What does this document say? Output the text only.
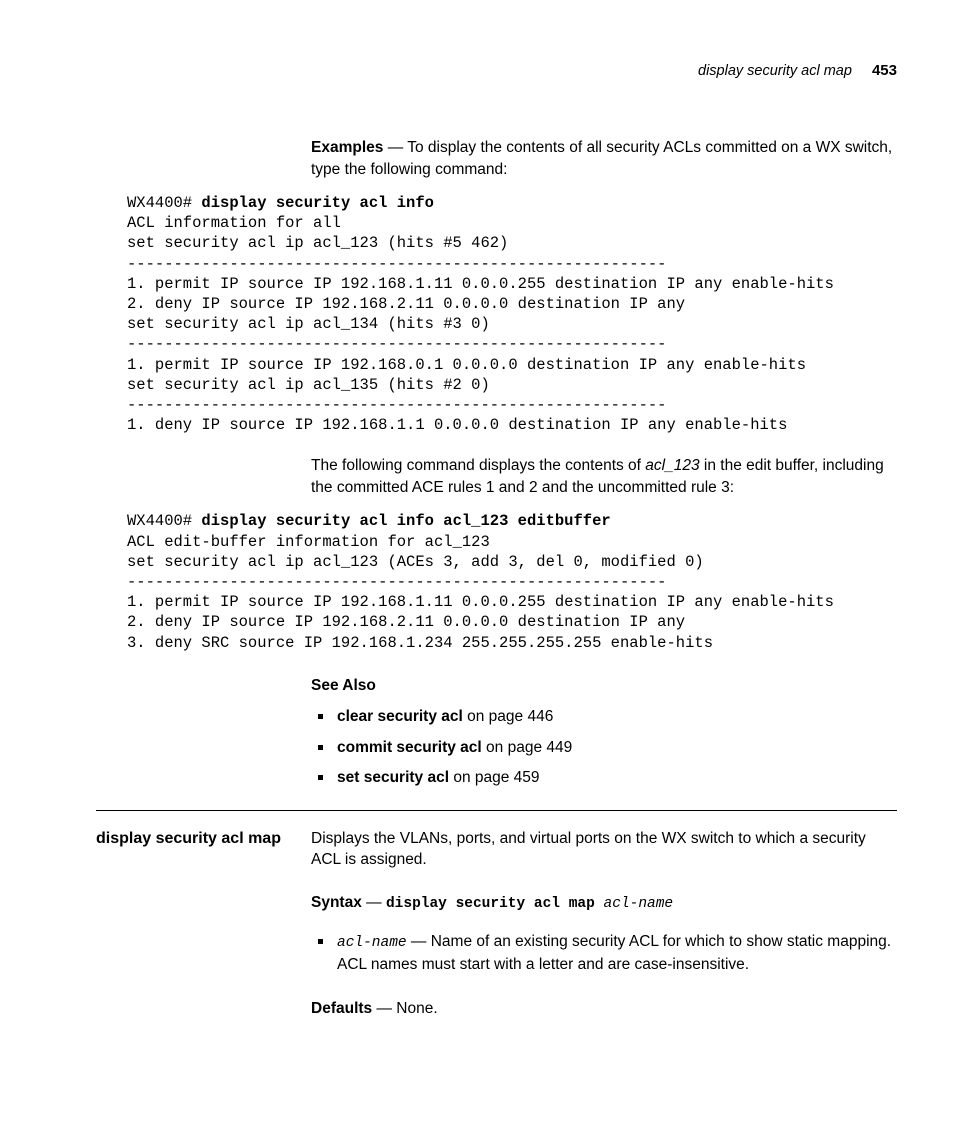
display security acl map 453

Examples — To display the contents of all security ACLs committed on a WX switch, type the following command:

WX4400# display security acl info
ACL information for all
set security acl ip acl_123 (hits #5 462)
----------------------------------------------------------
1. permit IP source IP 192.168.1.11 0.0.0.255 destination IP any enable-hits
2. deny IP source IP 192.168.2.11 0.0.0.0 destination IP any
set security acl ip acl_134 (hits #3 0)
----------------------------------------------------------
1. permit IP source IP 192.168.0.1 0.0.0.0 destination IP any enable-hits
set security acl ip acl_135 (hits #2 0)
----------------------------------------------------------
1. deny IP source IP 192.168.1.1 0.0.0.0 destination IP any enable-hits

The following command displays the contents of acl_123 in the edit buffer, including the committed ACE rules 1 and 2 and the uncommitted rule 3:

WX4400# display security acl info acl_123 editbuffer
ACL edit-buffer information for acl_123
set security acl ip acl_123 (ACEs 3, add 3, del 0, modified 0)
----------------------------------------------------------
1. permit IP source IP 192.168.1.11 0.0.0.255 destination IP any enable-hits
2. deny IP source IP 192.168.2.11 0.0.0.0 destination IP any
3. deny SRC source IP 192.168.1.234 255.255.255.255 enable-hits

See Also

clear security acl on page 446
commit security acl on page 449
set security acl on page 459
display security acl map Displays the VLANs, ports, and virtual ports on the WX switch to which a security ACL is assigned.

Syntax — display security acl map acl-name

acl-name — Name of an existing security ACL for which to show static mapping. ACL names must start with a letter and are case-insensitive.

Defaults — None.
